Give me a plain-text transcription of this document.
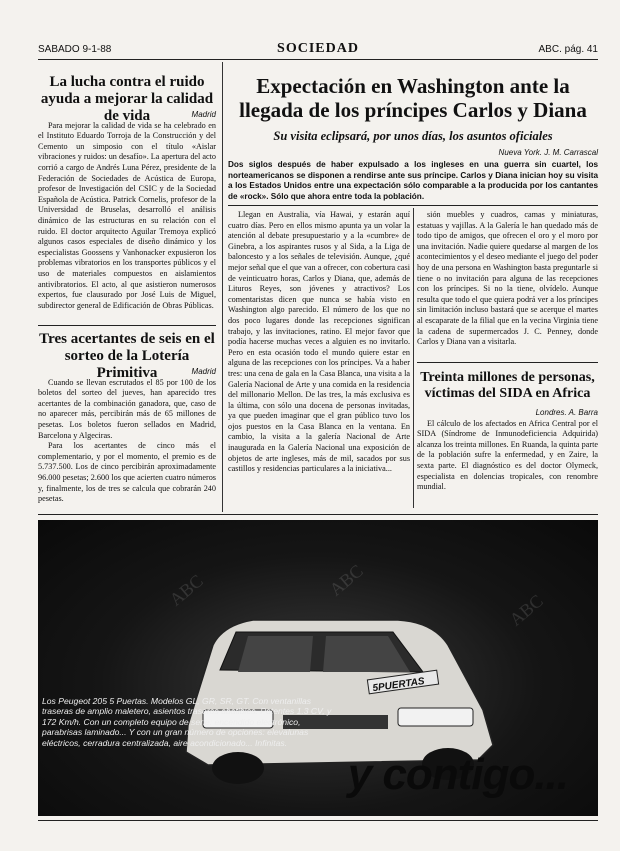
SABADO 9-1-88	SOCIEDAD	ABC. pág. 41
La lucha contra el ruido ayuda a mejorar la calidad de vida	Madrid

Para mejorar la calidad de vida se ha celebrado en el Instituto Eduardo Torroja de la Construcción y del Cemento un simposio con el título «Aislar vibraciones y ruidos: un desafío». La apertura del acto corrió a cargo de Andrés Luna Pérez, presidente de la Federación de Sociedades de Acústica de Europa, profesor de Investigación del CSIC y de la Sociedad Española de Acústica. Patrick Cornelis, profesor de la Universidad de Bruselas, desarrolló el análisis dinámico de las estructuras en su relación con el ruido. El doctor arquitecto Aguilar Tremoya explicó algunos casos especiales de diseño dinámico y los especialistas Goossens y Vanhonacker expusieron los problemas vibratorios en los transportes públicos y el uso de materiales compuestos en aislamientos antivibratorios. El acto, al que asistieron numerosos expertos, fue clausurado por José Luis de Miguel, subdirector general de Edificación de Obras Públicas.

Tres acertantes de seis en el sorteo de la Lotería Primitiva	Madrid

Cuando se llevan escrutados el 85 por 100 de los boletos del sorteo del jueves, han aparecido tres acertantes de la combinación ganadora, que, caso de no aparecer más, percibirán más de 65 millones de pesetas. Los boletos fueron sellados en Madrid, Barcelona y Algeciras.

Para los acertantes de cinco más el complementario, y por el momento, el premio es de 5.737.500. Los de cinco percibirán aproximadamente 96.000 pesetas; 2.600 los que acierten cuatro números y, finalmente, los de tres se calcula que cobrarán 240 pesetas.

Expectación en Washington ante la llegada de los príncipes Carlos y Diana
Su visita eclipsará, por unos días, los asuntos oficiales
Nueva York. J. M. Carrascal
Dos siglos después de haber expulsado a los ingleses en una guerra sin cuartel, los norteamericanos se disponen a rendirse ante sus príncipe. Carlos y Diana inician hoy su visita a los Estados Unidos entre una expectación sólo comparable a la producida por los cantantes de «rock». Sólo que ahora entre toda la población.

Llegan en Australia, vía Hawai, y estarán aquí cuatro días. Pero en ellos mismo apunta ya un volar la atención al debate presupuestario y a la «cumbre» de Ginebra, a los aspirantes rusos y al Sida, a la Liga de baloncesto y a los señales de televisión. Aunque, ¿qué mejor señal que el que van a ofrecer, con cobertura casi de veinticuatro horas, Carlos y Diana, que, además de Lituros Reyes, son jóvenes y atractivos? Los comentaristas dicen que nunca se había visto en Washington algo parecido. El número de los que no dos poco lugares donde las recepciones significan trabajo, y las invitaciones, ratino. El mejor favor que podía hacerse muchas veces a alguien es no invitarlo. Pero en esta ocasión todo el mundo quiere estar en alguna de las recepciones con los príncipes. Va a haber tres: una cena de gala en la Casa Blanca, una visita a la Galería Nacional de Arte y una comida en la residencia del millonario Mellon. De las tres, la más exclusiva es la última, con sólo una docena de personas invitadas, ya que pueden imaginar que el gran público tuvo los ojos puestos en la Casa Blanca en la ventana. En cambio, la visita a la galería Nacional de Arte inaugurada en la Galería Nacional una exposición de objetos de arte ingleses, más de mil, sacados por sus castillos y residencias particulares a la iniciativa...

sión muebles y cuadros, camas y miniaturas, estatuas y vajillas. A la Galería le han quedado más de todo tipo de amigos, que ofrecen el oro y el moro por una invitación. Nadie quiere quedarse al margen de los acontecimientos y el deseo mediante el juego del poder hoy de una persona en Washington basta preguntarle si tiene o no invitación para alguna de las recepciones con los príncipes. Si no la tiene, olvídelo. Aunque resulta que todo el que quiera podrá ver a los príncipes sin limitación incluso bastará que se acerque el martes al escaparate de la filial que en la vecina Virginia tiene la cadena de supermercados J. C. Penney, donde Carlos y Diana van a visitarla.

Treinta millones de personas, víctimas del SIDA en Africa
Londres. A. Barra

El cálculo de los afectados en Africa Central por el SIDA (Síndrome de Inmunodeficiencia Adquirida) alcanza los treinta millones. En Ruanda, la quinta parte de la población sufre la enfermedad, y en Zaire, la sexta parte. El diagnóstico es del doctor Olymeck, especialista en dolencias tropicales, con renombre mundial.

ABC	ABC
ABC
5PUERTAS
Los Peugeot 205 5 Puertas. Modelos GL, GR, SR, GT. Con ventanillas traseras de amplio maletero, asientos traseros abatibles. Potentes 1.3 CV, y 172 Km/h. Con un completo equipo de serie: encendido electrónico, parabrisas laminado... Y con un gran número de opciones: elevalunas eléctricos, cerradura centralizada, aire acondicionado... Infinitas.
y contigo...
